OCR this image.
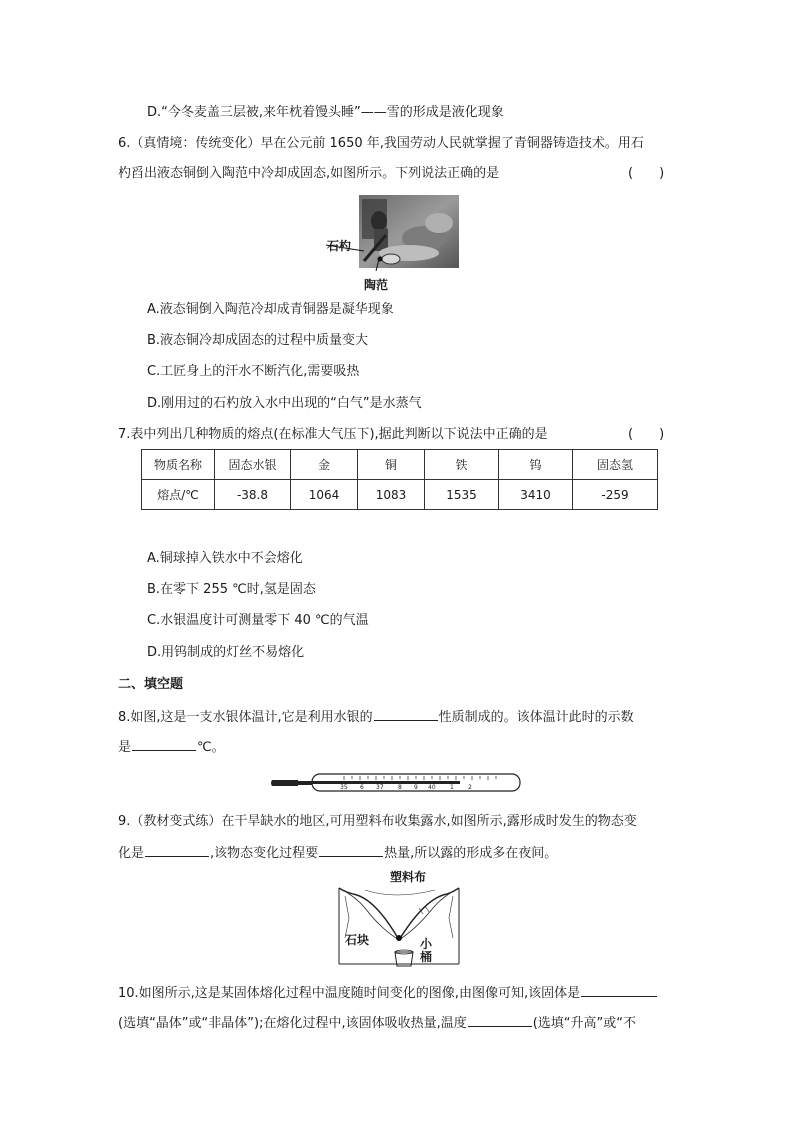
D.“今冬麦盖三层被,来年枕着馒头睡”——雪的形成是液化现象
6.（真情境：传统变化）早在公元前 1650 年,我国劳动人民就掌握了青铜器铸造技术。用石
杓舀出液态铜倒入陶范中冷却成固态,如图所示。下列说法正确的是	(　　)
石杓
陶范
A.液态铜倒入陶范冷却成青铜器是凝华现象
B.液态铜冷却成固态的过程中质量变大
C.工匠身上的汗水不断汽化,需要吸热
D.刚用过的石杓放入水中出现的“白气”是水蒸气
7.表中列出几种物质的熔点(在标准大气压下),据此判断以下说法中正确的是	(　　)
物质名称	固态水银	金	铜	铁	钨	固态氢
熔点/℃	-38.8	1064	1083	1535	3410	-259
A.铜球掉入铁水中不会熔化
B.在零下 255 ℃时,氢是固态
C.水银温度计可测量零下 40 ℃的气温
D.用钨制成的灯丝不易熔化
二、填空题
8.如图,这是一支水银体温计,它是利用水银的	性质制成的。该体温计此时的示数
是	℃。
35 6 37 8 9 40 1 2
9.（教材变式练）在干旱缺水的地区,可用塑料布收集露水,如图所示,露形成时发生的物态变
化是	,该物态变化过程要	热量,所以露的形成多在夜间。
塑料布
石块	小桶
10.如图所示,这是某固体熔化过程中温度随时间变化的图像,由图像可知,该固体是
(选填“晶体”或“非晶体”);在熔化过程中,该固体吸收热量,温度	(选填“升高”或“不
